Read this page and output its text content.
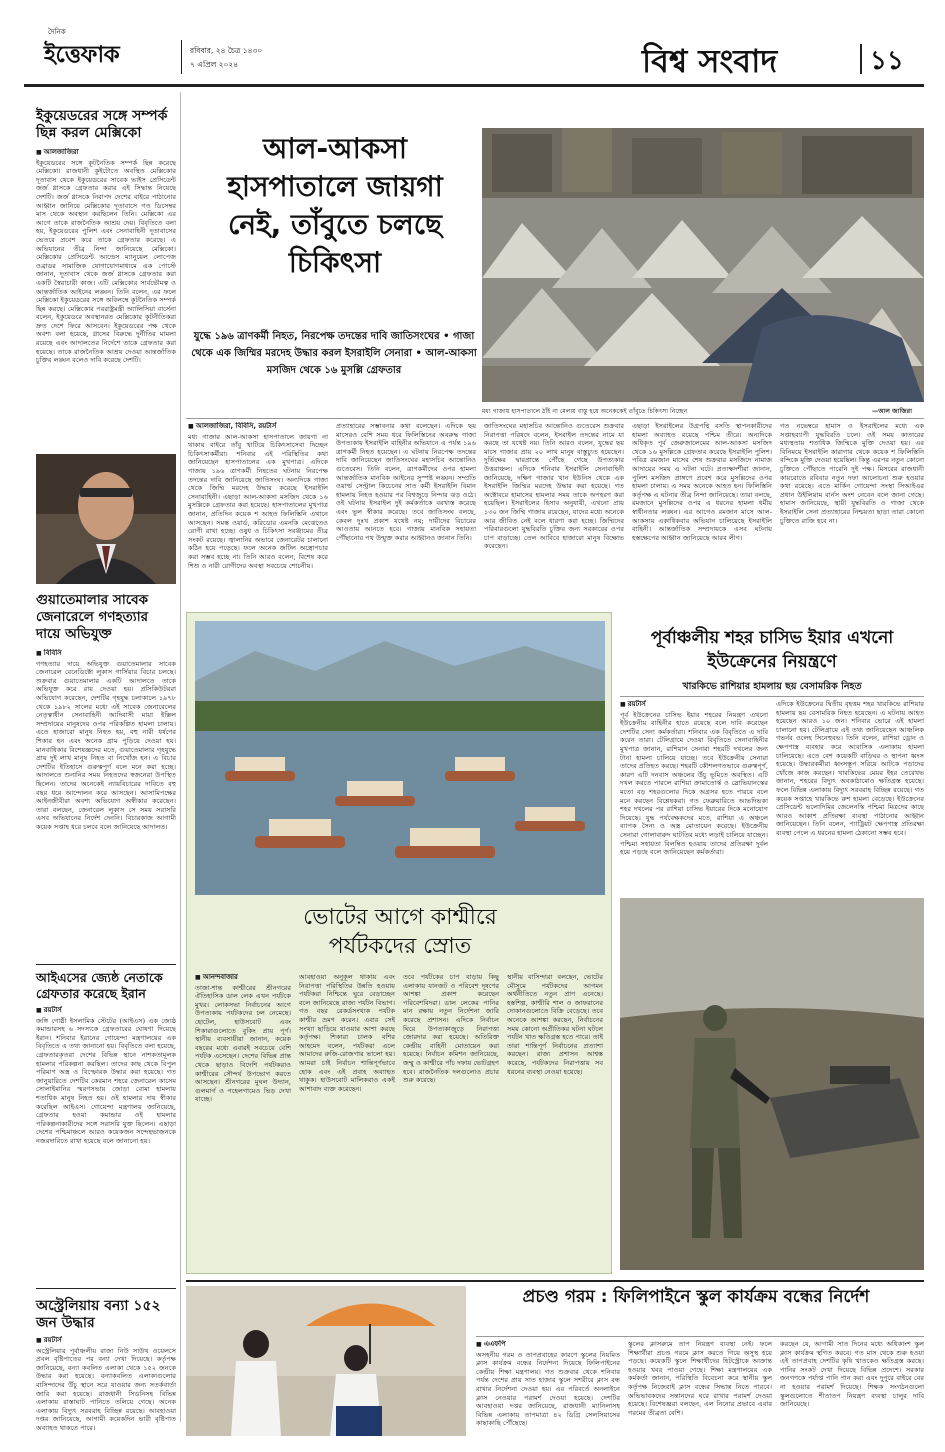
দৈনিক
ইত্তেফাক	রবিবার, ২৪ চৈত্র ১৪৩০
৭ এপ্রিল ২০২৪	বিশ্ব সংবাদ	১১
ইকুয়েডরের সঙ্গে সম্পর্ক ছিন্ন করল মেক্সিকো
■ আলজাজিরা
ইকুয়েডরের সঙ্গে কূটনৈতিক সম্পর্ক ছিন্ন করেছে মেক্সিকো। রাজধানী কুইটোতে অবস্থিত মেক্সিকোর দূতাবাস থেকে ইকুয়েডরের সাবেক ভাইস প্রেসিডেন্ট জর্জ গ্লাসকে গ্রেফতার করার এই সিদ্ধান্ত নিয়েছে দেশটি। জর্জ গ্লাসকে নিরাপদ দেশের বাইরে পাঠানোর আহ্বান জানিয়ে মেক্সিকোর দূতাবাসে গত ডিসেম্বর মাস থেকে অবস্থান করছিলেন তিনি। মেক্সিকো এর আগে তাকে রাজনৈতিক আশ্রয় দেয়। বিবৃতিতে বলা হয়, ইকুয়েডরের পুলিশ এবং সেনাবাহিনী দূতাবাসের ভেতরে প্রবেশ করে তাকে গ্রেফতার করেছে। এ অভিযানের তীব্র নিন্দা জানিয়েছে মেক্সিকো। মেক্সিকোর প্রেসিডেন্ট আন্দ্রেস ম্যানুয়েল লোপেজ ওব্রাডর সামাজিক যোগাযোগমাধ্যমে এক পোস্টে জানান, দূতাবাস থেকে জর্জ গ্লাসকে গ্রেফতার করা একটি স্বৈরাচারী কাজ। এটি মেক্সিকোর সার্বভৌমত্ব ও আন্তর্জাতিক আইনের লঙ্ঘন। তিনি বলেন, এর ফলে মেক্সিকো ইকুয়েডরের সঙ্গে অবিলম্বে কূটনৈতিক সম্পর্ক ছিন্ন করছে। মেক্সিকোর পররাষ্ট্রমন্ত্রী অ্যালিসিয়া বার্সেনা বলেন, ইকুয়েডরে অবস্থানরত মেক্সিকোর কূটনীতিকরা দ্রুত দেশে ফিরে আসবেন। ইকুয়েডরের পক্ষ থেকে অবশ্য বলা হয়েছে, গ্লাসের বিরুদ্ধে দুর্নীতির মামলা রয়েছে এবং আদালতের নির্দেশে তাকে গ্রেফতার করা হয়েছে। তাকে রাজনৈতিক আশ্রয় দেওয়া আন্তর্জাতিক চুক্তির লঙ্ঘন বলেও দাবি করেছে দেশটি।
গুয়াতেমালার সাবেক জেনারেলে গণহত্যার দায়ে অভিযুক্ত
■ বিবিসি
গণহত্যার দায়ে অভিযুক্ত গুয়াতেমালার সাবেক জেনারেল বেনেডিক্টো লুকাস গার্সিয়ার বিচার চলছে। শুক্রবার গুয়াতেমালার একটি আদালতে তাকে অভিযুক্ত করে রায় দেওয়া হয়। প্রসিকিউটররা অভিযোগ করেছেন, দেশটির গৃহযুদ্ধ চলাকালে ১৯৭৮ থেকে ১৯৮২ সালের মধ্যে এই সাবেক জেনারেলের নেতৃত্বাধীন সেনাবাহিনী আদিবাসী মায়া ইক্সিল সম্প্রদায়ের মানুষদের ওপর পরিকল্পিত হামলা চালায়। এতে হাজারো মানুষ নিহত হয়, বহু নারী ধর্ষণের শিকার হন এবং অনেক গ্রাম পুড়িয়ে দেওয়া হয়। মানবাধিকার বিশেষজ্ঞদের মতে, গুয়াতেমালার গৃহযুদ্ধে প্রায় দুই লাখ মানুষ নিহত বা নিখোঁজ হন। এ বিচার দেশটির ইতিহাসে গুরুত্বপূর্ণ বলে মনে করা হচ্ছে। আদালতে শুনানির সময় নিহতদের স্বজনেরা উপস্থিত ছিলেন। তাদের অনেকেই ন্যায়বিচারের দাবিতে বহু বছর ধরে আন্দোলন করে আসছেন। আসামিপক্ষের আইনজীবীরা অবশ্য অভিযোগ অস্বীকার করেছেন। তারা বলছেন, জেনারেল লুকাস সে সময় সরাসরি এসব অভিযানের নির্দেশ দেননি। বিচারকাজ আগামী কয়েক সপ্তাহ ধরে চলবে বলে জানিয়েছে আদালত।
আইএসের জ্যেষ্ঠ নেতাকে গ্রেফতার করেছে ইরান
■ রয়টার্স
জঙ্গি গোষ্ঠী ইসলামিক স্টেটের (আইএস) এক জ্যেষ্ঠ কমান্ডারসহ ৬ সদস্যকে গ্রেফতারের ঘোষণা দিয়েছে ইরান। শনিবার ইরানের গোয়েন্দা মন্ত্রণালয়ের এক বিবৃতিতে এ তথ্য জানানো হয়। বিবৃতিতে বলা হয়েছে, গ্রেফতারকৃতরা দেশের বিভিন্ন স্থানে নাশকতামূলক হামলার পরিকল্পনা করছিল। তাদের কাছ থেকে বিপুল পরিমাণ অস্ত্র ও বিস্ফোরক উদ্ধার করা হয়েছে। গত জানুয়ারিতে দেশটির কেরমান শহরে জেনারেল কাসেম সোলাইমানির স্মরণসভায় জোড়া বোমা হামলায় শতাধিক মানুষ নিহত হয়। ওই হামলার দায় স্বীকার করেছিল আইএস। গোয়েন্দা মন্ত্রণালয় জানিয়েছে, গ্রেফতার হওয়া কমান্ডার ওই হামলার পরিকল্পনাকারীদের সঙ্গে সরাসরি যুক্ত ছিলেন। এছাড়া দেশের পশ্চিমাঞ্চলে আরও কয়েকজন সন্দেহভাজনকে নজরদারিতে রাখা হয়েছে বলে জানানো হয়।
অস্ট্রেলিয়ায় বন্যা ১৫২ জন উদ্ধার
■ রয়টার্স
অস্ট্রেলিয়ার পূর্বাঞ্চলীয় রাজ্য নিউ সাউথ ওয়েলসে প্রবল বৃষ্টিপাতের পর বন্যা দেখা দিয়েছে। কর্তৃপক্ষ জানিয়েছে, বন্যা কবলিত এলাকা থেকে ১৫২ জনকে উদ্ধার করা হয়েছে। বন্যাকবলিত এলাকাগুলোর বাসিন্দাদের উঁচু স্থানে সরে যাওয়ার জন্য সতর্কবার্তা জারি করা হয়েছে। রাজধানী সিডনিসহ বিভিন্ন এলাকায় রাস্তাঘাট পানিতে তলিয়ে গেছে। অনেক এলাকায় বিদ্যুৎ সরবরাহ বিচ্ছিন্ন রয়েছে। আবহাওয়া দপ্তর জানিয়েছে, আগামী কয়েকদিন ভারী বৃষ্টিপাত অব্যাহত থাকতে পারে।
আল-আকসা হাসপাতালে জায়গা নেই, তাঁবুতে চলছে চিকিৎসা

যুদ্ধে ১৯৬ ত্রাণকর্মী নিহত, নিরপেক্ষ তদন্তের দাবি জাতিসংঘের • গাজা থেকে এক জিম্মির মরদেহ উদ্ধার করল ইসরাইলি সেনারা • আল-আকসা মসজিদ থেকে ১৬ মুসল্লি গ্রেফতার

মধ্য গাজায় হাসপাতালে ঠাঁই না মেলায় বাস্তু হয়ে অনেককেই তাঁবুতে চিকিৎসা নিচ্ছেন	—আল জাজিরা
■ আলজাজিরা, বিবিসি, রয়টার্স
মধ্য গাজার আল-আকসা হাসপাতালে জায়গা না থাকায় বাইরে তাঁবু খাটিয়ে চিকিৎসাসেবা দিচ্ছেন চিকিৎসাকর্মীরা। শনিবার এই পরিস্থিতির কথা জানিয়েছেন হাসপাতালের এক মুখপাত্র। এদিকে গাজায় ১৯৬ ত্রাণকর্মী নিহতের ঘটনায় নিরপেক্ষ তদন্তের দাবি জানিয়েছে জাতিসংঘ। অন্যদিকে গাজা থেকে জিম্মি মরদেহ উদ্ধার করেছে ইসরাইলি সেনাবাহিনী। এছাড়া আল-আকসা মসজিদ থেকে ১৬ মুসল্লিকে গ্রেফতার করা হয়েছে। হাসপাতালের মুখপাত্র জানান, প্রতিদিন কয়েক শ আহত ফিলিস্তিনি এখানে আসছেন। সমস্ত ওয়ার্ড, করিডোর এমনকি মেঝেতেও রোগী রাখা হচ্ছে। ওষুধ ও চিকিৎসা সরঞ্জামের তীব্র সংকট রয়েছে। জ্বালানির অভাবে জেনারেটর চালানো কঠিন হয়ে পড়েছে। ফলে অনেক জটিল অস্ত্রোপচার করা সম্ভব হচ্ছে না। তিনি আরও বলেন, বিশেষ করে শিশু ও নারী রোগীদের অবস্থা সবচেয়ে শোচনীয়।
প্রত্যাহারের সম্ভাবনার কথা বলেছেন। এদিকে ছয় মাসেরও বেশি সময় ধরে ফিলিস্তিনের অবরুদ্ধ গাজা উপত্যকায় ইসরাইলি বাহিনীর অভিযানে এ পর্যন্ত ১৯৬ ত্রাণকর্মী নিহত হয়েছেন। এ ঘটনায় নিরপেক্ষ তদন্তের দাবি জানিয়েছেন জাতিসংঘের মহাসচিব আন্তোনিও গুতেরেস। তিনি বলেন, ত্রাণকর্মীদের ওপর হামলা আন্তর্জাতিক মানবিক আইনের সুস্পষ্ট লঙ্ঘন। সম্প্রতি ওয়ার্ল্ড সেন্ট্রাল কিচেনের সাত কর্মী ইসরাইলি বিমান হামলায় নিহত হওয়ার পর বিশ্বজুড়ে নিন্দার ঝড় ওঠে। ওই ঘটনায় ইসরাইল দুই কর্মকর্তাকে বরখাস্ত করেছে এবং ভুল স্বীকার করেছে। তবে জাতিসংঘ বলছে, কেবল দুঃখ প্রকাশ যথেষ্ট নয়; দায়ীদের বিচারের আওতায় আনতে হবে। গাজায় মানবিক সহায়তা পৌঁছানোর পথ উন্মুক্ত করার আহ্বানও জানান তিনি।
জাতিসংঘের মহাসচিব আন্তোনিও গুতেরেস শুক্রবার নিরাপত্তা পরিষদে বলেন, ইসরাইল তদন্তের নামে যা করছে তা যথেষ্ট নয়। তিনি আরও বলেন, যুদ্ধের ছয় মাসে গাজার প্রায় ২০ লাখ মানুষ বাস্তুচ্যুত হয়েছেন। দুর্ভিক্ষের দ্বারপ্রান্তে পৌঁছে গেছে উপত্যকার উত্তরাঞ্চল। এদিকে শনিবার ইসরাইলি সেনাবাহিনী জানিয়েছে, দক্ষিণ গাজার খান ইউনিস থেকে এক ইসরাইলি জিম্মির মরদেহ উদ্ধার করা হয়েছে। গত অক্টোবরে হামাসের হামলার সময় তাকে অপহরণ করা হয়েছিল। ইসরাইলের হিসাব অনুযায়ী, এখনো প্রায় ১৩০ জন জিম্মি গাজায় রয়েছেন, যাদের মধ্যে অনেকে আর জীবিত নেই বলে ধারণা করা হচ্ছে। জিম্মিদের পরিবারগুলো যুদ্ধবিরতি চুক্তির জন্য সরকারের ওপর চাপ বাড়াচ্ছে। তেল আবিবে হাজারো মানুষ বিক্ষোভ করেছেন।
এছাড়া ইসরাইলের উগ্রপন্থি বসতি স্থাপনকারীদের হামলা অব্যাহত রয়েছে পশ্চিম তীরে। অন্যদিকে অধিকৃত পূর্ব জেরুজালেমের আল-আকসা মসজিদ থেকে ১৬ মুসল্লিকে গ্রেফতার করেছে ইসরাইলি পুলিশ। পবিত্র রমজান মাসের শেষ শুক্রবার মসজিদে নামাজ আদায়ের সময় এ ঘটনা ঘটে। প্রত্যক্ষদর্শীরা জানান, পুলিশ মসজিদ প্রাঙ্গণে প্রবেশ করে মুসল্লিদের ওপর হামলা চালায়। এ সময় অনেকে আহত হন। ফিলিস্তিনি কর্তৃপক্ষ এ ঘটনার তীব্র নিন্দা জানিয়েছে। তারা বলছে, রমজানে মুসল্লিদের ওপর এ ধরনের হামলা ধর্মীয় স্বাধীনতার লঙ্ঘন। এর আগেও রমজান মাসে আল-আকসায় একাধিকবার অভিযান চালিয়েছে ইসরাইলি বাহিনী। আন্তর্জাতিক সম্প্রদায়কে এসব ঘটনায় হস্তক্ষেপের আহ্বান জানিয়েছে আরব লীগ।
গত নভেম্বরে হামাস ও ইসরাইলের মধ্যে এক সপ্তাহব্যাপী যুদ্ধবিরতি চলে। ওই সময় কাতারের মধ্যস্থতায় শতাধিক জিম্মিকে মুক্তি দেওয়া হয়। এর বিনিময়ে ইসরাইলি কারাগার থেকে কয়েক শ ফিলিস্তিনি বন্দিকে মুক্তি দেওয়া হয়েছিল। কিন্তু এরপর নতুন কোনো চুক্তিতে পৌঁছাতে পারেনি দুই পক্ষ। মিসরের রাজধানী কায়রোতে রবিবার নতুন দফা আলোচনা শুরু হওয়ার কথা রয়েছে। এতে মার্কিন গোয়েন্দা সংস্থা সিআইএর প্রধান উইলিয়াম বার্নস অংশ নেবেন বলে জানা গেছে। হামাস জানিয়েছে, স্থায়ী যুদ্ধবিরতি ও গাজা থেকে ইসরাইলি সেনা প্রত্যাহারের নিশ্চয়তা ছাড়া তারা কোনো চুক্তিতে রাজি হবে না।
ভোটের আগে কাশ্মীরে পর্যটকদের স্রোত
■ আনন্দবাজার
তাজা-শান্ত কাশ্মীরের শ্রীনগরের ঐতিহাসিক ডাল লেক এখন পর্যটকে মুখর। লোকসভা নির্বাচনের আগে উপত্যকায় পর্যটকদের ঢল নেমেছে। হোটেল, হাউসবোট এবং শিকারাগুলোতে বুকিং প্রায় পূর্ণ। স্থানীয় ব্যবসায়ীরা জানান, কয়েক বছরের মধ্যে এবারই সবচেয়ে বেশি পর্যটক এসেছেন। দেশের বিভিন্ন প্রান্ত থেকে ছাড়াও বিদেশি পর্যটকরাও কাশ্মীরের সৌন্দর্য উপভোগ করতে আসছেন। শ্রীনগরের মুঘল উদ্যান, গুলমার্গ ও পহেলগামেও ভিড় দেখা যাচ্ছে।
আবহাওয়া অনুকূল থাকায় এবং নিরাপত্তা পরিস্থিতির উন্নতি হওয়ায় পর্যটকরা নিশ্চিন্তে ঘুরে বেড়াচ্ছেন বলে জানিয়েছে রাজ্য পর্যটন বিভাগ। গত বছর রেকর্ডসংখ্যক পর্যটক কাশ্মীর ভ্রমণ করেন। এবার সেই সংখ্যা ছাড়িয়ে যাওয়ার আশা করছে কর্তৃপক্ষ। শিকারা চালক বশির আহমেদ বলেন, পর্যটকরা এলে আমাদের রুজি-রোজগার ভালো হয়। আমরা চাই নির্বাচন শান্তিপূর্ণভাবে হোক এবং এই প্রবাহ অব্যাহত থাকুক। হাউসবোট মালিকরাও একই আশাবাদ ব্যক্ত করেছেন।
তবে পর্যটকের চাপ বাড়ায় কিছু এলাকায় যানজট ও পরিবেশ দূষণের আশঙ্কা প্রকাশ করেছেন পরিবেশবিদরা। ডাল লেকের পানির মান রক্ষায় নতুন নির্দেশনা জারি করেছে প্রশাসন। এদিকে নির্বাচন ঘিরে উপত্যকাজুড়ে নিরাপত্তা জোরদার করা হয়েছে। অতিরিক্ত কেন্দ্রীয় বাহিনী মোতায়েন করা হয়েছে। নির্বাচন কমিশন জানিয়েছে, জম্মু ও কাশ্মীরে পাঁচ দফায় ভোটগ্রহণ হবে। রাজনৈতিক দলগুলোও প্রচার শুরু করেছে।
স্থানীয় বাসিন্দারা বলছেন, ভোটের মৌসুমে পর্যটকদের আগমন অর্থনীতিতে নতুন প্রাণ এনেছে। হস্তশিল্প, কাশ্মীরি শাল ও জাফরানের দোকানগুলোতে বিক্রি বেড়েছে। তবে অনেকে আশঙ্কা করছেন, নির্বাচনের সময় কোনো অপ্রীতিকর ঘটনা ঘটলে পর্যটন খাত ক্ষতিগ্রস্ত হতে পারে। তাই তারা শান্তিপূর্ণ নির্বাচনের প্রত্যাশা করছেন। রাজ্য প্রশাসন আশ্বস্ত করেছে, পর্যটকদের নিরাপত্তায় সব ধরনের ব্যবস্থা নেওয়া হয়েছে।
পূর্বাঞ্চলীয় শহর চাসিভ ইয়ার এখনো ইউক্রেনের নিয়ন্ত্রণে

খারকিভে রাশিয়ার হামলায় ছয় বেসামরিক নিহত

■ রয়টার্স
পূর্ব ইউক্রেনের চাসিভ ইয়ার শহরের নিয়ন্ত্রণ এখনো ইউক্রেনীয় বাহিনীর হাতে রয়েছে বলে দাবি করেছেন দেশটির সেনা কর্মকর্তারা। শনিবার এক বিবৃতিতে এ দাবি করেন তারা। টেলিগ্রামে দেওয়া বিবৃতিতে সেনাবাহিনীর মুখপাত্র জানান, রাশিয়ান সেনারা শহরটি দখলের জন্য টানা হামলা চালিয়ে যাচ্ছে। তবে ইউক্রেনীয় সেনারা তাদের প্রতিহত করছে। শহরটি কৌশলগতভাবে গুরুত্বপূর্ণ, কারণ এটি দনবাস অঞ্চলের উঁচু ভূমিতে অবস্থিত। এটি দখল করতে পারলে রাশিয়া ক্রামাতোর্স্ক ও স্লোভিয়ানস্কের মতো বড় শহরগুলোর দিকে অগ্রসর হতে পারবে বলে মনে করছেন বিশ্লেষকরা। গত ফেব্রুয়ারিতে আভদিভকা শহর দখলের পর রাশিয়া চাসিভ ইয়ারের দিকে মনোযোগ দিয়েছে। যুদ্ধ পর্যবেক্ষকদের মতে, রাশিয়া এ অঞ্চলে ব্যাপক সৈন্য ও অস্ত্র মোতায়েন করেছে। ইউক্রেনীয় সেনারা গোলাবারুদ ঘাটতির মধ্যে লড়াই চালিয়ে যাচ্ছেন। পশ্চিমা সহায়তা বিলম্বিত হওয়ায় তাদের প্রতিরক্ষা দুর্বল হয়ে পড়ছে বলে জানিয়েছেন কর্মকর্তারা।
এদিকে ইউক্রেনের দ্বিতীয় বৃহত্তম শহর খারকিভে রাশিয়ার হামলায় ছয় বেসামরিক নিহত হয়েছেন। এ ঘটনায় আহত হয়েছেন আরও ১০ জন। শনিবার ভোরে এই হামলা চালানো হয়। টেলিগ্রামে এই তথ্য জানিয়েছেন আঞ্চলিক গভর্নর ওলেহ সিনেহুবভ। তিনি বলেন, রাশিয়া ড্রোন ও ক্ষেপণাস্ত্র ব্যবহার করে আবাসিক এলাকায় হামলা চালিয়েছে। এতে বেশ কয়েকটি বাড়িঘর ও স্থাপনা ধ্বংস হয়েছে। উদ্ধারকর্মীরা ধ্বংসস্তূপ সরিয়ে আটকে পড়াদের খোঁজে কাজ করছেন। খারকিভের মেয়র ইহর তেরেখভ জানান, শহরের বিদ্যুৎ অবকাঠামোও ক্ষতিগ্রস্ত হয়েছে। ফলে বিভিন্ন এলাকায় বিদ্যুৎ সরবরাহ বিচ্ছিন্ন রয়েছে। গত কয়েক সপ্তাহে খারকিভে রুশ হামলা বেড়েছে। ইউক্রেনের প্রেসিডেন্ট ভলোদিমির জেলেনস্কি পশ্চিমা মিত্রদের কাছে আরও আকাশ প্রতিরক্ষা ব্যবস্থা পাঠানোর আহ্বান জানিয়েছেন। তিনি বলেন, প্যাট্রিয়ট ক্ষেপণাস্ত্র প্রতিরক্ষা ব্যবস্থা পেলে এ ধরনের হামলা ঠেকানো সম্ভব হবে।
প্রচণ্ড গরম : ফিলিপাইনে স্কুল কার্যক্রম বন্ধের নির্দেশ
■ এএফপি
অসহনীয় গরম ও তাপপ্রবাহের কারণে স্কুলের নিয়মিত ক্লাস কার্যক্রম বন্ধের নির্দেশনা দিয়েছে ফিলিপাইনের কেন্দ্রীয় শিক্ষা মন্ত্রণালয়। গত শুক্রবার থেকে শনিবার পর্যন্ত দেশের প্রায় সাত হাজার স্কুলে সশরীরে ক্লাস বন্ধ রাখার নির্দেশনা দেওয়া হয়। এর পরিবর্তে অনলাইনে ক্লাস নেওয়ার পরামর্শ দেওয়া হয়েছে। দেশটির আবহাওয়া দপ্তর জানিয়েছে, রাজধানী ম্যানিলাসহ বিভিন্ন এলাকায় তাপমাত্রা ৪২ ডিগ্রি সেলসিয়াসের কাছাকাছি পৌঁছেছে।
স্কুলের ক্লাসরুমে তাপ নিয়ন্ত্রণ ব্যবস্থা নেই। ফলে শিক্ষার্থীরা প্রচণ্ড গরমে ক্লাস করতে গিয়ে অসুস্থ হয়ে পড়ছে। কয়েকটি স্কুলে শিক্ষার্থীদের হিটস্ট্রোকে আক্রান্ত হওয়ার খবর পাওয়া গেছে। শিক্ষা মন্ত্রণালয়ের এক কর্মকর্তা জানান, পরিস্থিতি বিবেচনা করে স্থানীয় স্কুল কর্তৃপক্ষ নিজেরাই ক্লাস বন্ধের সিদ্ধান্ত নিতে পারবে। অভিভাবকদের সন্তানদের ঘরে রাখার পরামর্শ দেওয়া হয়েছে। বিশেষজ্ঞরা বলছেন, এল নিনোর প্রভাবে এবার গরমের তীব্রতা বেশি।
করছেন যে, আগামী সাত দিনের মধ্যে অধিকাংশ স্কুল ক্লাস কার্যক্রম স্থগিত করবে। গত মাস থেকে শুরু হওয়া এই তাপপ্রবাহ দেশটির কৃষি খাতকেও ক্ষতিগ্রস্ত করছে। পানির সংকট দেখা দিয়েছে বিভিন্ন প্রদেশে। সরকার জনগণকে পর্যাপ্ত পানি পান করা এবং দুপুরে বাইরে বের না হওয়ার পরামর্শ দিয়েছে। শিক্ষক সংগঠনগুলো স্কুলগুলোতে শীতাতপ নিয়ন্ত্রণ ব্যবস্থা চালুর দাবি জানিয়েছে।
